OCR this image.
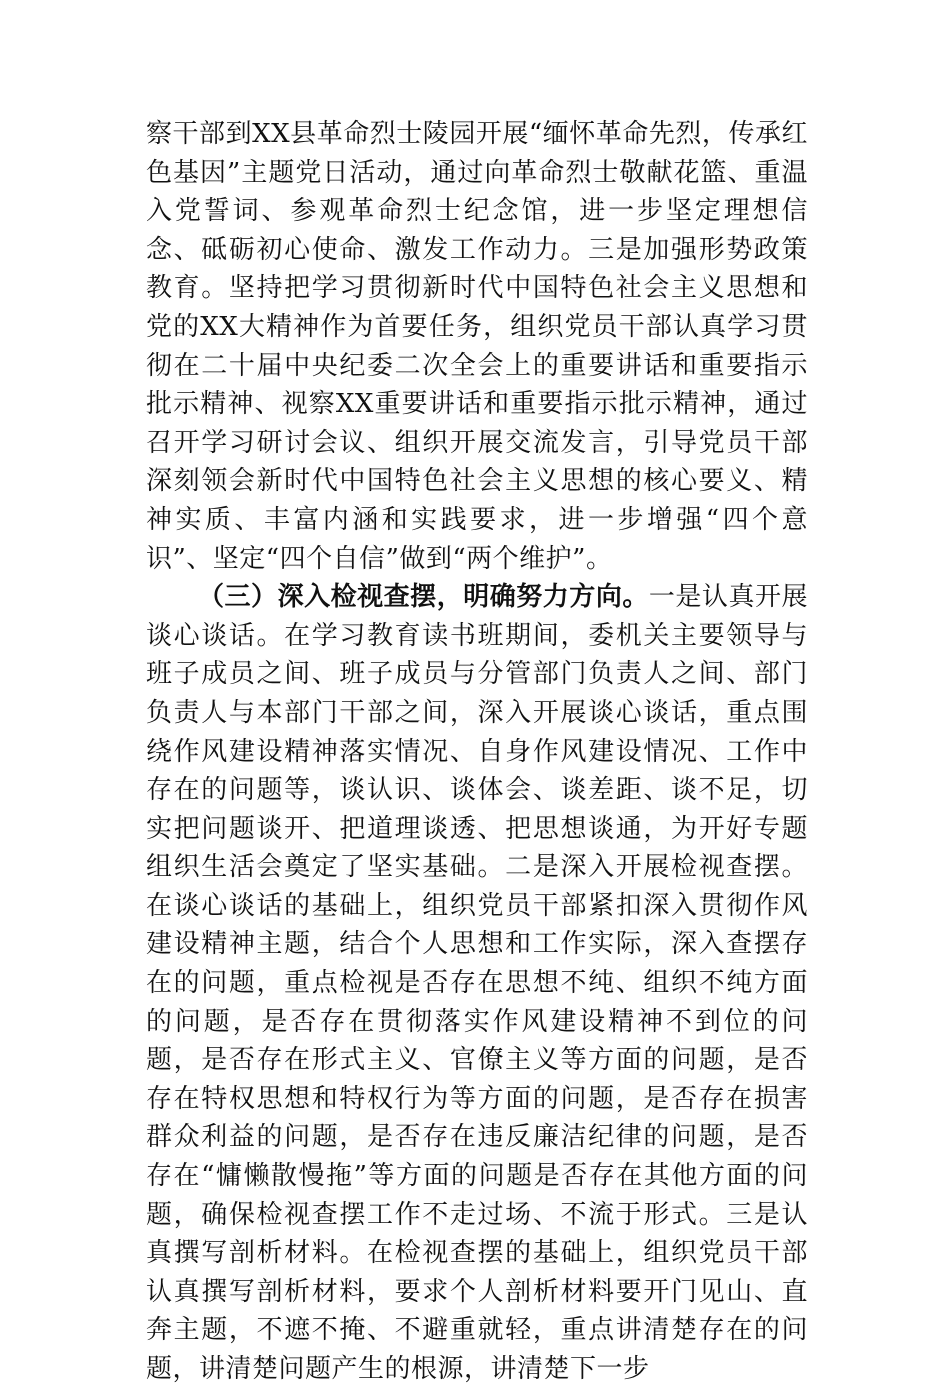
察干部到XX县革命烈士陵园开展“缅怀革命先烈，传承红色基因”主题党日活动，通过向革命烈士敬献花篮、重温入党誓词、参观革命烈士纪念馆，进一步坚定理想信念、砥砺初心使命、激发工作动力。三是加强形势政策教育。坚持把学习贯彻新时代中国特色社会主义思想和党的XX大精神作为首要任务，组织党员干部认真学习贯彻在二十届中央纪委二次全会上的重要讲话和重要指示批示精神、视察XX重要讲话和重要指示批示精神，通过召开学习研讨会议、组织开展交流发言，引导党员干部深刻领会新时代中国特色社会主义思想的核心要义、精神实质、丰富内涵和实践要求，进一步增强“四个意识”、坚定“四个自信”做到“两个维护”。

（三）深入检视查摆，明确努力方向。一是认真开展谈心谈话。在学习教育读书班期间，委机关主要领导与班子成员之间、班子成员与分管部门负责人之间、部门负责人与本部门干部之间，深入开展谈心谈话，重点围绕作风建设精神落实情况、自身作风建设情况、工作中存在的问题等，谈认识、谈体会、谈差距、谈不足，切实把问题谈开、把道理谈透、把思想谈通，为开好专题组织生活会奠定了坚实基础。二是深入开展检视查摆。在谈心谈话的基础上，组织党员干部紧扣深入贯彻作风建设精神主题，结合个人思想和工作实际，深入查摆存在的问题，重点检视是否存在思想不纯、组织不纯方面的问题，是否存在贯彻落实作风建设精神不到位的问题，是否存在形式主义、官僚主义等方面的问题，是否存在特权思想和特权行为等方面的问题，是否存在损害群众利益的问题，是否存在违反廉洁纪律的问题，是否存在“慵懒散慢拖”等方面的问题是否存在其他方面的问题，确保检视查摆工作不走过场、不流于形式。三是认真撰写剖析材料。在检视查摆的基础上，组织党员干部认真撰写剖析材料，要求个人剖析材料要开门见山、直奔主题，不遮不掩、不避重就轻，重点讲清楚存在的问题，讲清楚问题产生的根源，讲清楚下一步
